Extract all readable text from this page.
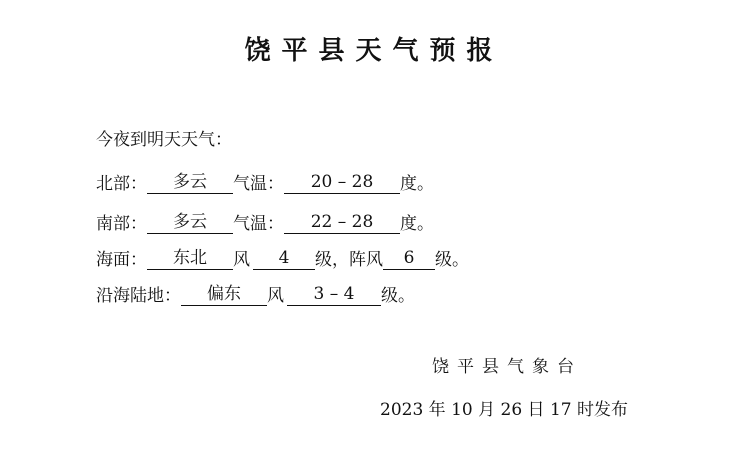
饶平县天气预报
今夜到明天天气：
北部： 多云 气温： 20 – 28 度。
南部： 多云 气温： 22 – 28 度。
海面： 东北 风 4 级，阵风 6 级。
沿海陆地： 偏东 风 3 – 4 级。
饶平县气象台
2023 年 10 月 26 日 17 时发布
